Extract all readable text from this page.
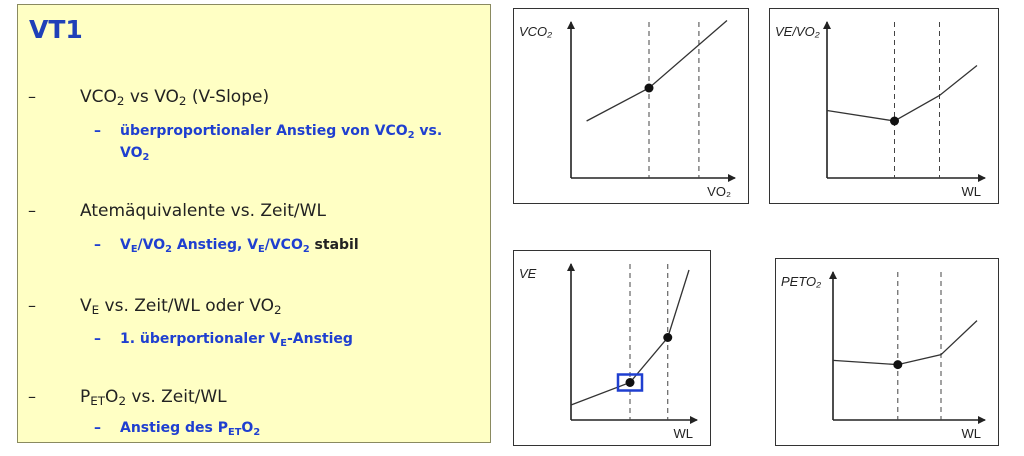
VT1
–	$VCO_2$ vs $VO_2$ (V-Slope)
–	überproportionaler Anstieg von $VCO_2$ vs.
$VO_2$
–	Atemäquivalente vs. Zeit/WL
–	$V_E/VO_2$ Anstieg, $V_E/VCO_2$ stabil
–	$V_E$ vs. Zeit/WL oder $VO_2$
–	1. überportionaler $V_E$-Anstieg
–	$P_{ET}O_2$ vs. Zeit/WL
–	Anstieg des $P_{ET}O_2$
VCO₂
VO₂
VE/VO₂
WL
VE
WL
PETO₂
WL
